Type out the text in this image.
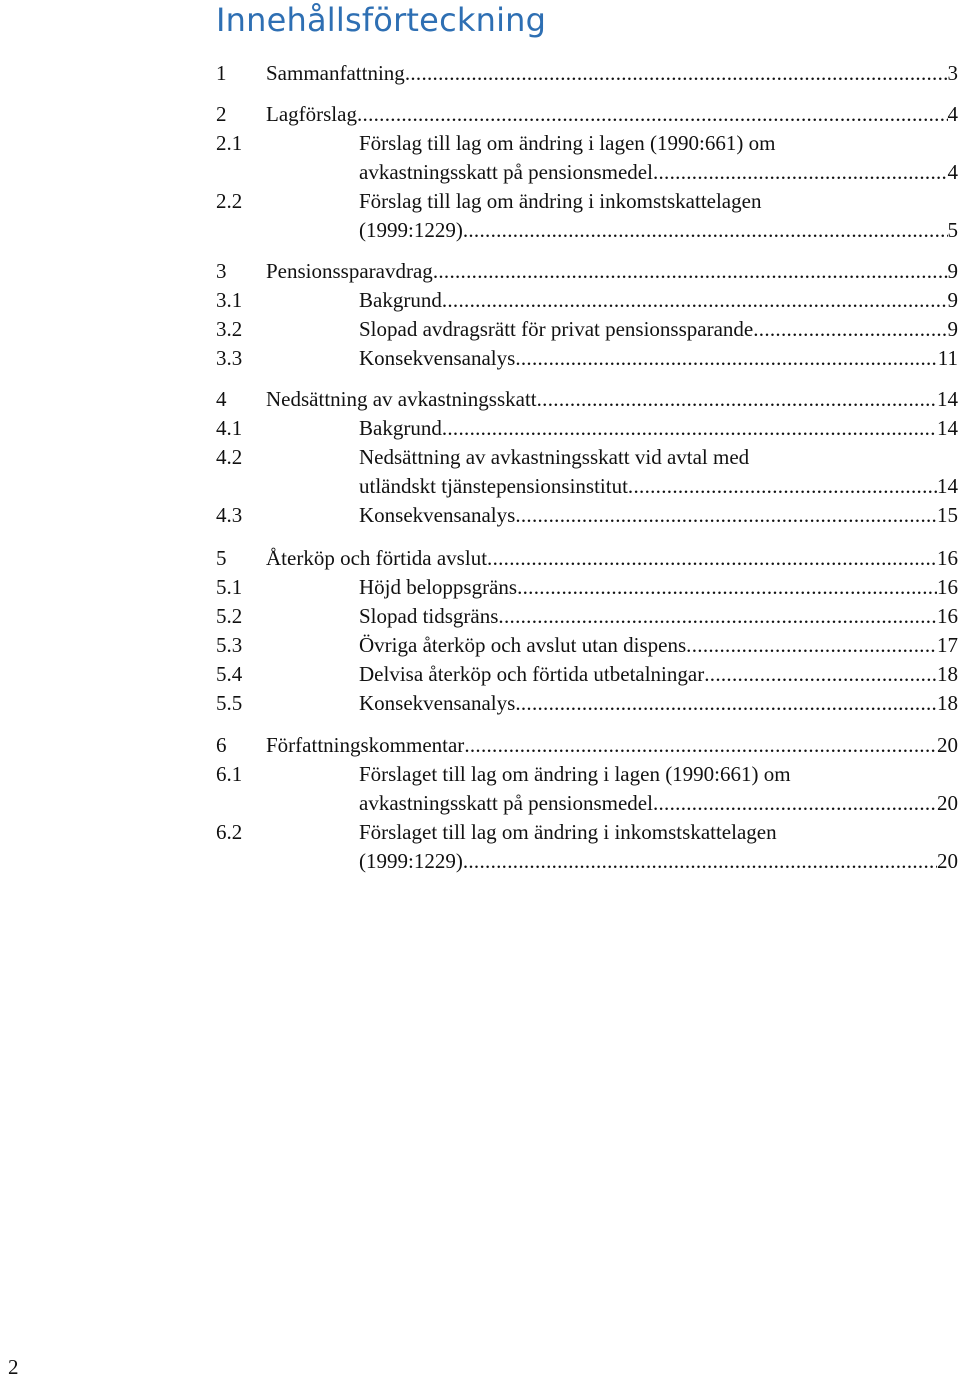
Innehållsförteckning
1 Sammanfattning .....	3
2 Lagförslag .....	4
2.1	Förslag till lag om ändring i lagen (1990:661) om
avkastningsskatt på pensionsmedel .....	4
2.2	Förslag till lag om ändring i inkomstskattelagen
(1999:1229) .....	5
3 Pensionssparavdrag .....	9
3.1	Bakgrund .....	9
3.2	Slopad avdragsrätt för privat pensionssparande .....	9
3.3	Konsekvensanalys .....	11
4 Nedsättning av avkastningsskatt .....	14
4.1	Bakgrund .....	14
4.2	Nedsättning av avkastningsskatt vid avtal med
utländskt tjänstepensionsinstitut .....	14
4.3	Konsekvensanalys .....	15
5 Återköp och förtida avslut .....	16
5.1	Höjd beloppsgräns .....	16
5.2	Slopad tidsgräns .....	16
5.3	Övriga återköp och avslut utan dispens .....	17
5.4	Delvisa återköp och förtida utbetalningar .....	18
5.5	Konsekvensanalys .....	18
6 Författningskommentar .....	20
6.1	Förslaget till lag om ändring i lagen (1990:661) om
avkastningsskatt på pensionsmedel .....	20
6.2	Förslaget till lag om ändring i inkomstskattelagen
(1999:1229) .....	20
2
